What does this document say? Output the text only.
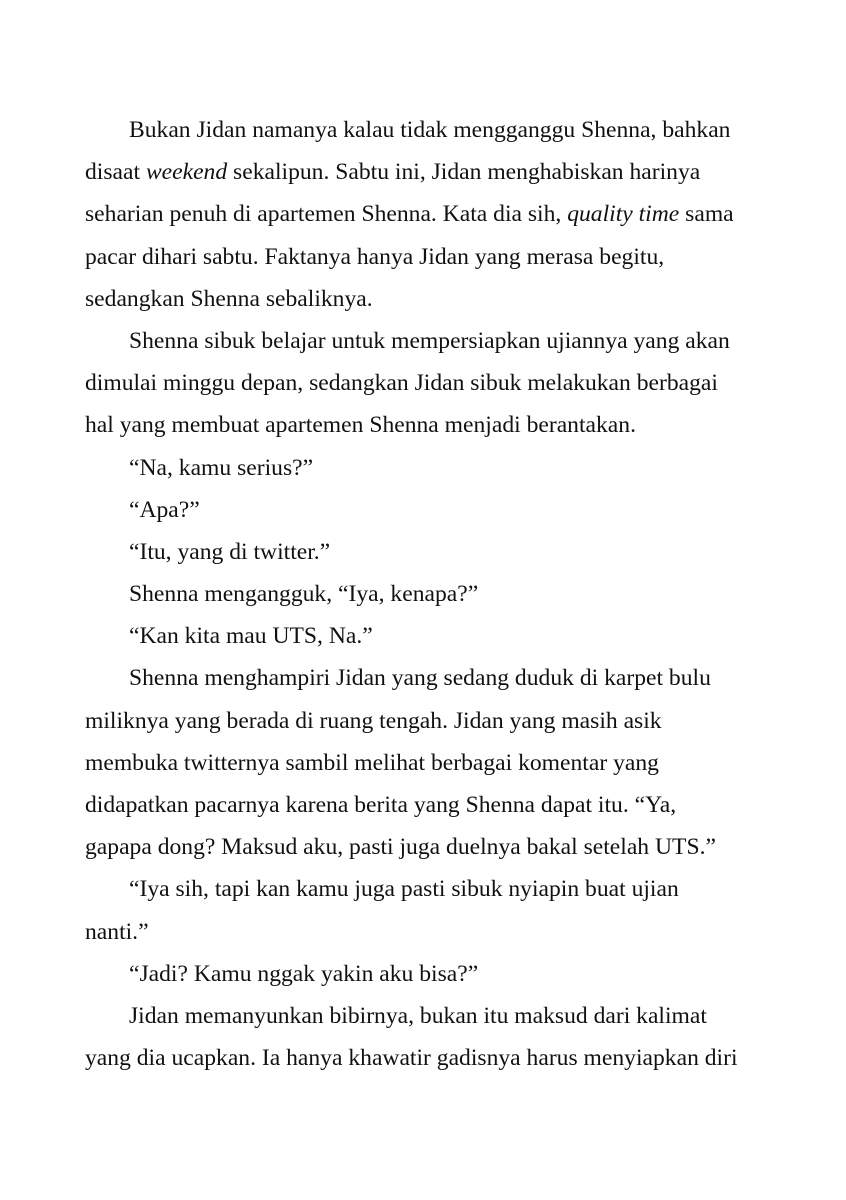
Bukan Jidan namanya kalau tidak mengganggu Shenna, bahkan
disaat weekend sekalipun. Sabtu ini, Jidan menghabiskan harinya
seharian penuh di apartemen Shenna. Kata dia sih, quality time sama
pacar dihari sabtu. Faktanya hanya Jidan yang merasa begitu,
sedangkan Shenna sebaliknya.
Shenna sibuk belajar untuk mempersiapkan ujiannya yang akan
dimulai minggu depan, sedangkan Jidan sibuk melakukan berbagai
hal yang membuat apartemen Shenna menjadi berantakan.
“Na, kamu serius?”
“Apa?”
“Itu, yang di twitter.”
Shenna mengangguk, “Iya, kenapa?”
“Kan kita mau UTS, Na.”
Shenna menghampiri Jidan yang sedang duduk di karpet bulu
miliknya yang berada di ruang tengah. Jidan yang masih asik
membuka twitternya sambil melihat berbagai komentar yang
didapatkan pacarnya karena berita yang Shenna dapat itu. “Ya,
gapapa dong? Maksud aku, pasti juga duelnya bakal setelah UTS.”
“Iya sih, tapi kan kamu juga pasti sibuk nyiapin buat ujian
nanti.”
“Jadi? Kamu nggak yakin aku bisa?”
Jidan memanyunkan bibirnya, bukan itu maksud dari kalimat
yang dia ucapkan. Ia hanya khawatir gadisnya harus menyiapkan diri
